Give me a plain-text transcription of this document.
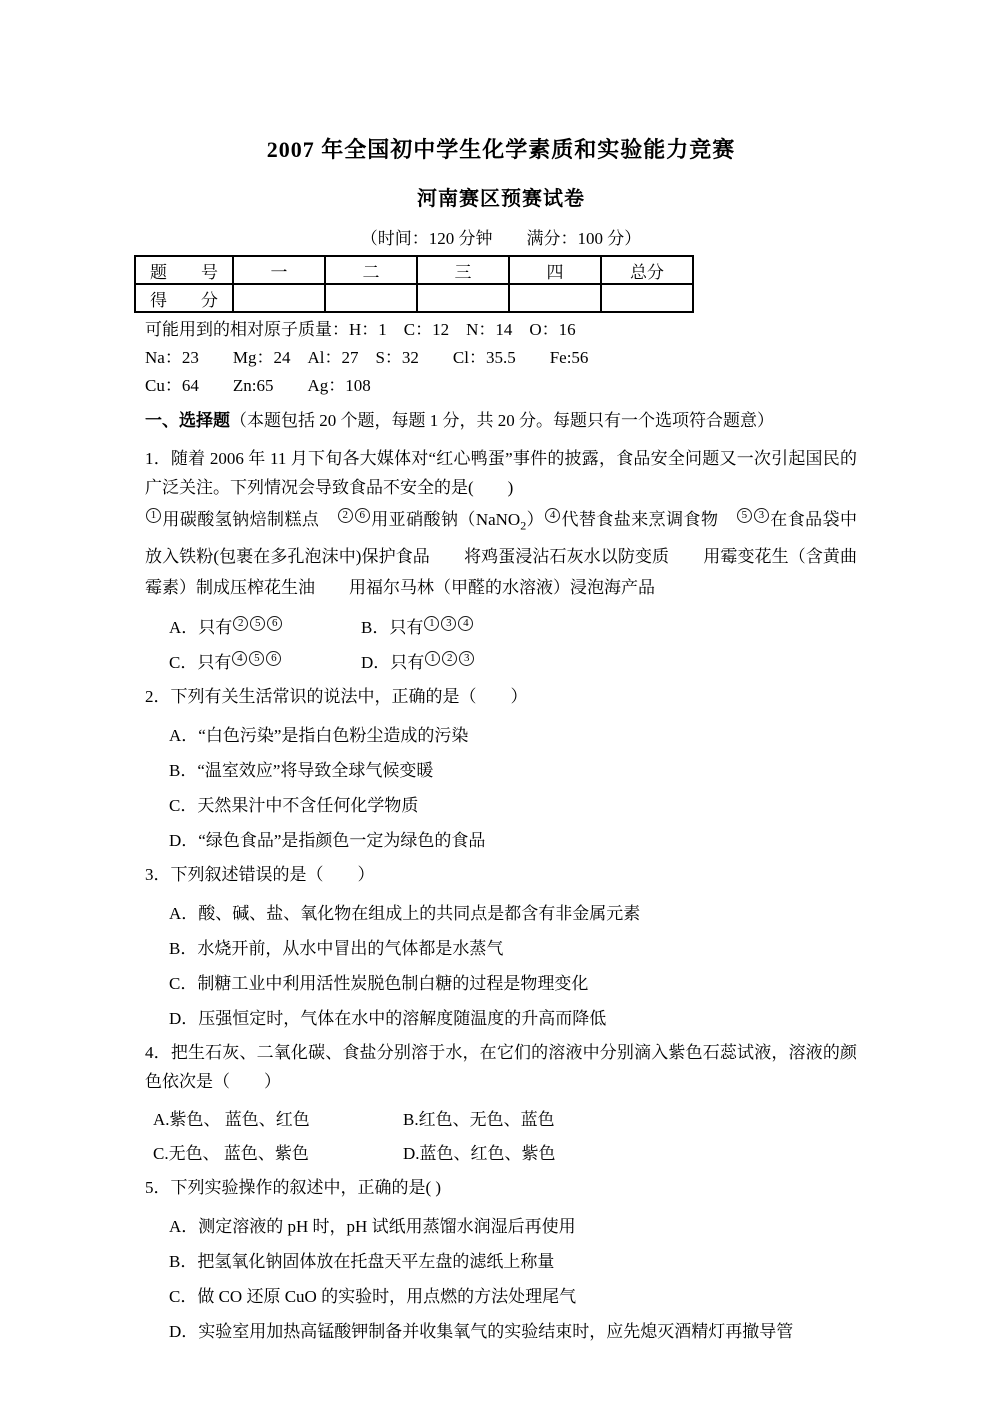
2007 年全国初中学生化学素质和实验能力竞赛
河南赛区预赛试卷
（时间：120 分钟　　满分：100 分）
题　　号	一	二	三	四	总分
得　　分					

可能用到的相对原子质量：H：1　C：12　N：14　O：16

Na：23　　Mg：24　Al：27　S：32　　Cl：35.5　　Fe:56

Cu：64　　Zn:65　　Ag：108

一、选择题（本题包括 20 个题，每题 1 分，共 20 分。每题只有一个选项符合题意）

1．随着 2006 年 11 月下旬各大媒体对“红心鸭蛋”事件的披露，食品安全问题又一次引起国民的广泛关注。下列情况会导致食品不安全的是(　　)

1 用碳酸氢钠焙制糕点　2 6 用亚硝酸钠（NaNO$_2$） 4 代替食盐来烹调食物　5 3 在食品袋中放入铁粉(包裹在多孔泡沫中)保护食品　　将鸡蛋浸沾石灰水以防变质　　用霉变花生（含黄曲霉素）制成压榨花生油　　用福尔马林（甲醛的水溶液）浸泡海产品

A．只有 2 5 6	B．只有 1 3 4
C．只有 4 5 6	D．只有 1 2 3

2．下列有关生活常识的说法中，正确的是（　　）

A．“白色污染”是指白色粉尘造成的污染
B．“温室效应”将导致全球气候变暖
C．天然果汁中不含任何化学物质
D．“绿色食品”是指颜色一定为绿色的食品

3．下列叙述错误的是（　　）

A．酸、碱、盐、氧化物在组成上的共同点是都含有非金属元素
B．水烧开前，从水中冒出的气体都是水蒸气
C．制糖工业中利用活性炭脱色制白糖的过程是物理变化
D．压强恒定时，气体在水中的溶解度随温度的升高而降低

4．把生石灰、二氧化碳、食盐分别溶于水，在它们的溶液中分别滴入紫色石蕊试液，溶液的颜色依次是（　　）

A.紫色、 蓝色、红色	B.红色、无色、蓝色
C.无色、 蓝色、紫色	D.蓝色、红色、紫色

5．下列实验操作的叙述中，正确的是( )

A．测定溶液的 pH 时，pH 试纸用蒸馏水润湿后再使用
B．把氢氧化钠固体放在托盘天平左盘的滤纸上称量
C．做 CO 还原 CuO 的实验时，用点燃的方法处理尾气
D．实验室用加热高锰酸钾制备并收集氧气的实验结束时，应先熄灭酒精灯再撤导管
